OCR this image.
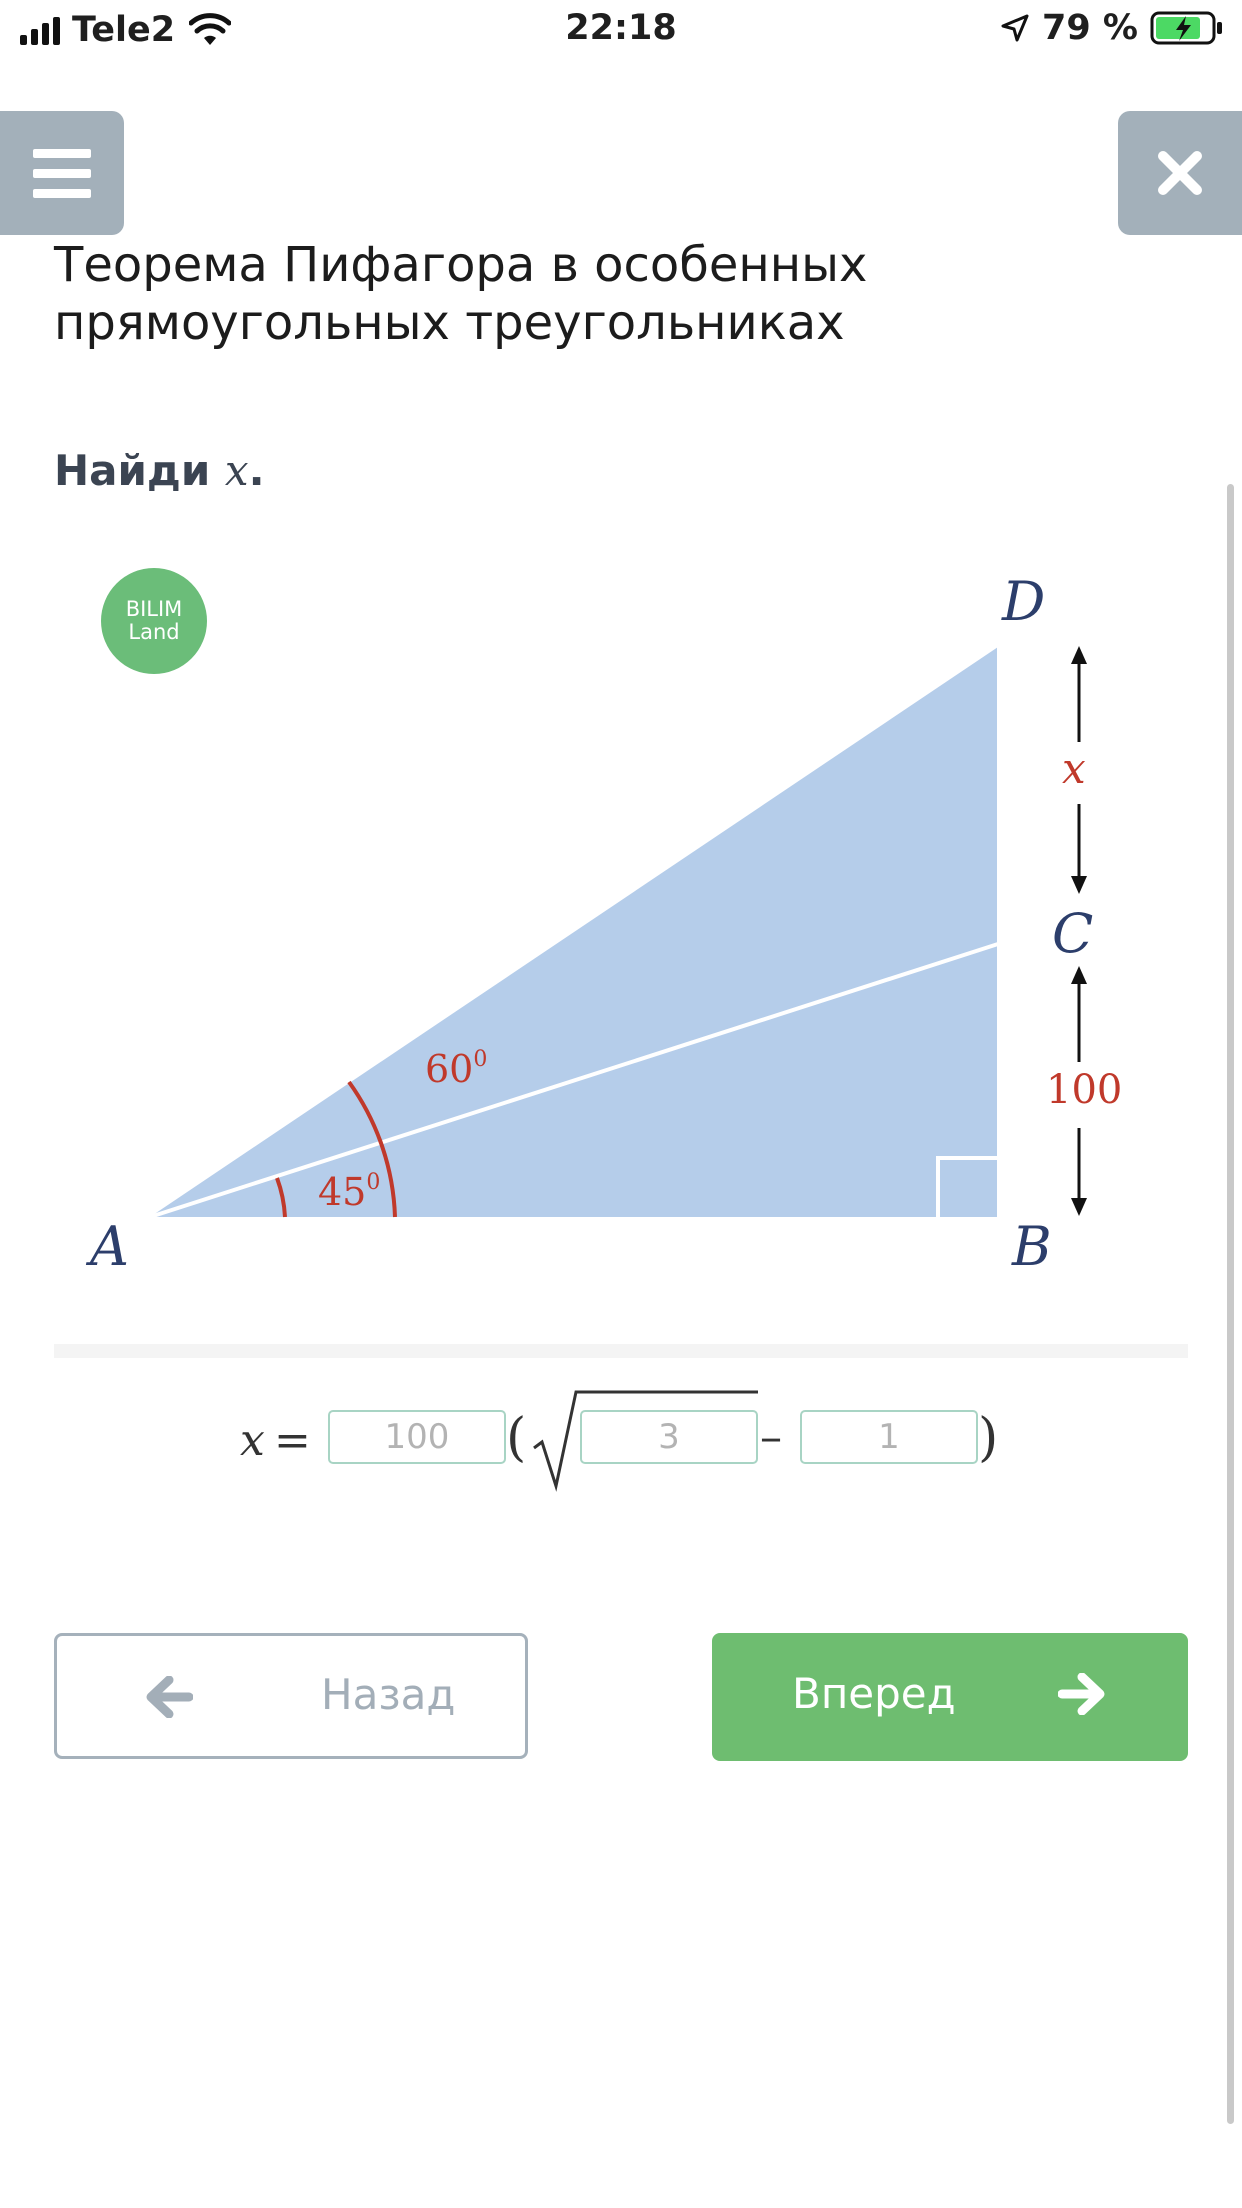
Tele2	22:18	79 %
Теорема Пифагора в особенных прямоугольных треугольниках
Найди x.
BILIM
Land
$60^0$
$45^0$
A	B
C
D
x
100
x =	100	(	3	–	1	)
Назад	Вперед
